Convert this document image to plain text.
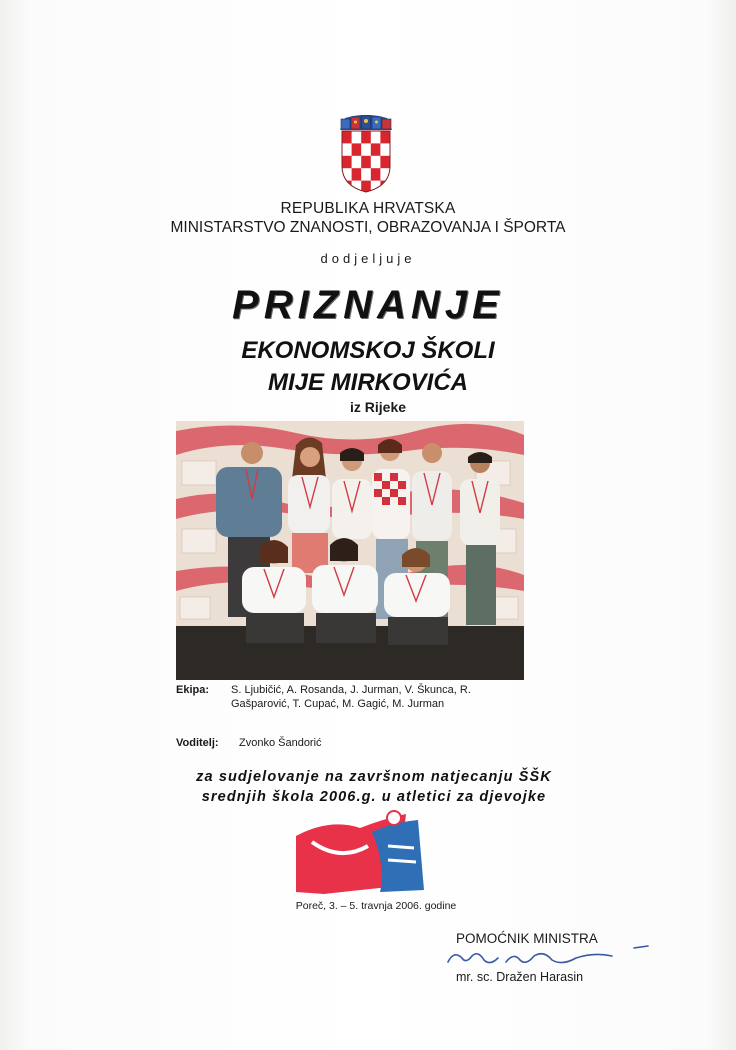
REPUBLIKA HRVATSKA
MINISTARSTVO ZNANOSTI, OBRAZOVANJA I ŠPORTA
dodjeljuje
PRIZNANJE
EKONOMSKOJ ŠKOLI
MIJE MIRKOVIĆA
iz Rijeke
Ekipa: S. Ljubičić, A. Rosanda, J. Jurman, V. Škunca, R. Gašparović, T. Cupać, M. Gagić, M. Jurman
Voditelj: Zvonko Šandorić
za sudjelovanje na završnom natjecanju ŠŠK
srednjih škola 2006.g. u atletici za djevojke
Poreč, 3. – 5. travnja 2006. godine
POMOĆNIK MINISTRA
mr. sc. Dražen Harasin
